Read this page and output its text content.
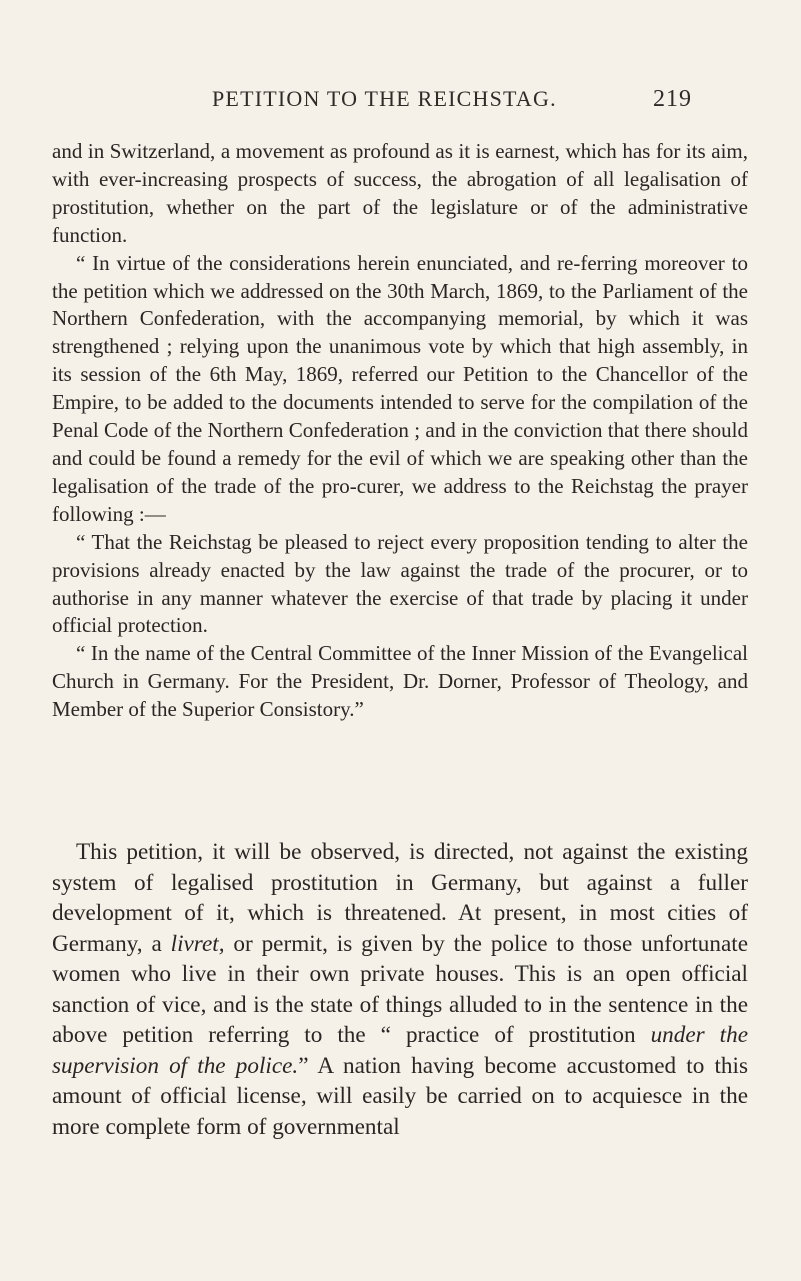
PETITION TO THE REICHSTAG.	219

and in Switzerland, a movement as profound as it is earnest, which has for its aim, with ever-increasing prospects of success, the abrogation of all legalisation of prostitution, whether on the part of the legislature or of the administrative function.

“ In virtue of the considerations herein enunciated, and re-ferring moreover to the petition which we addressed on the 30th March, 1869, to the Parliament of the Northern Confederation, with the accompanying memorial, by which it was strengthened ; relying upon the unanimous vote by which that high assembly, in its session of the 6th May, 1869, referred our Petition to the Chancellor of the Empire, to be added to the documents intended to serve for the compilation of the Penal Code of the Northern Confederation ; and in the conviction that there should and could be found a remedy for the evil of which we are speaking other than the legalisation of the trade of the pro-curer, we address to the Reichstag the prayer following :—

“ That the Reichstag be pleased to reject every proposition tending to alter the provisions already enacted by the law against the trade of the procurer, or to authorise in any manner whatever the exercise of that trade by placing it under official protection.

“ In the name of the Central Committee of the Inner Mission of the Evangelical Church in Germany. For the President, Dr. Dorner, Professor of Theology, and Member of the Superior Consistory.”

This petition, it will be observed, is directed, not against the existing system of legalised prostitution in Germany, but against a fuller development of it, which is threatened. At present, in most cities of Germany, a livret, or permit, is given by the police to those unfortunate women who live in their own private houses. This is an open official sanction of vice, and is the state of things alluded to in the sentence in the above petition referring to the “ practice of prostitution under the supervision of the police.” A nation having become accustomed to this amount of official license, will easily be carried on to acquiesce in the more complete form of governmental
